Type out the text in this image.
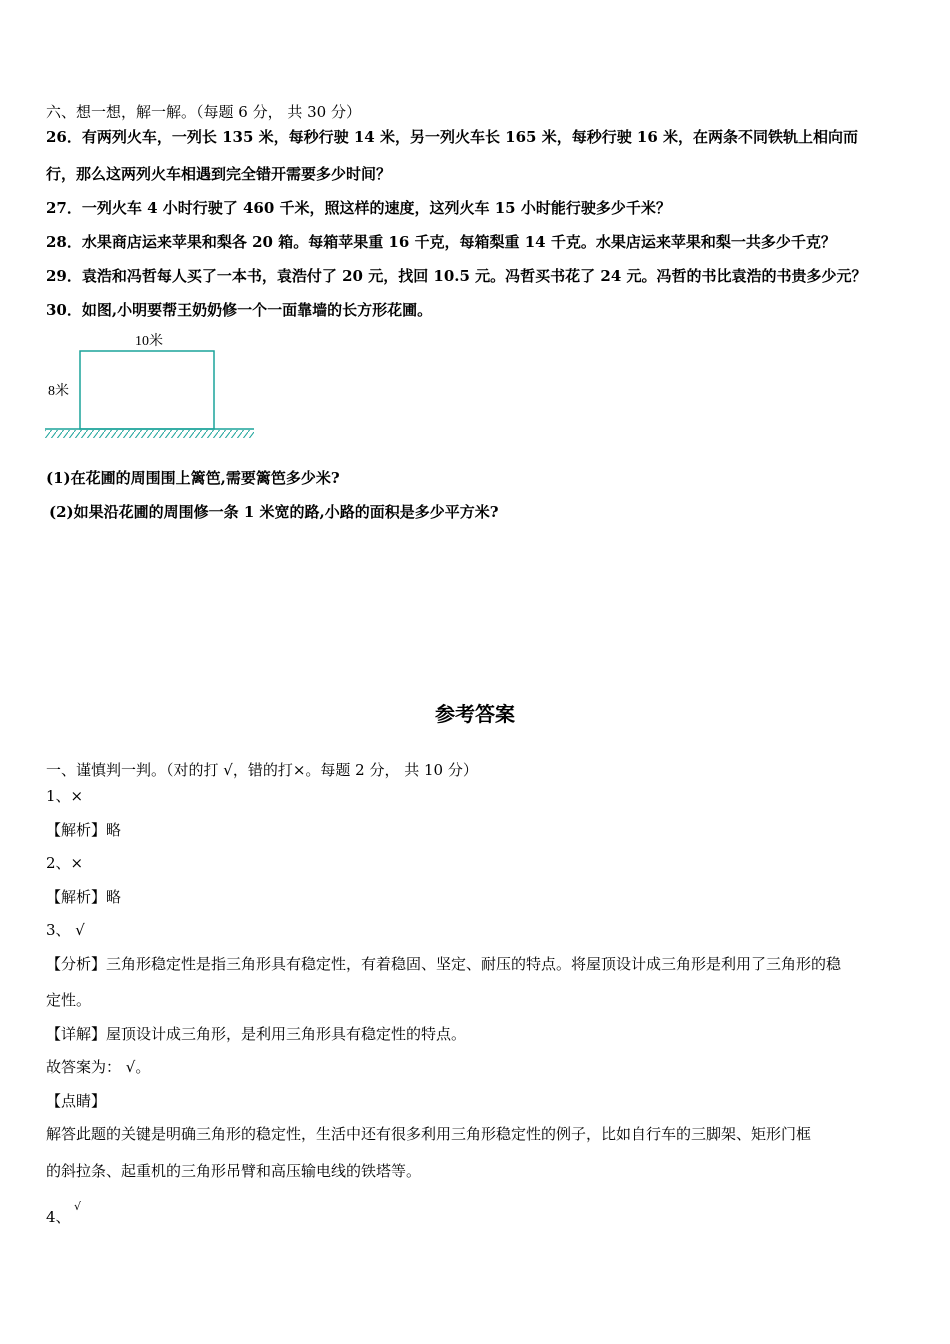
六、想一想，解一解。（每题 6 分， 共 30 分）
26．有两列火车，一列长 135 米，每秒行驶 14 米，另一列火车长 165 米，每秒行驶 16 米，在两条不同铁轨上相向而
行，那么这两列火车相遇到完全错开需要多少时间？
27．一列火车 4 小时行驶了 460 千米，照这样的速度，这列火车 15 小时能行驶多少千米？
28．水果商店运来苹果和梨各 20 箱。每箱苹果重 16 千克，每箱梨重 14 千克。水果店运来苹果和梨一共多少千克？
29．袁浩和冯哲每人买了一本书，袁浩付了 20 元，找回 10.5 元。冯哲买书花了 24 元。冯哲的书比袁浩的书贵多少元？
30．如图,小明要帮王奶奶修一个一面靠墙的长方形花圃。
10米
8米
(1)在花圃的周围围上篱笆,需要篱笆多少米?
(2)如果沿花圃的周围修一条 1 米宽的路,小路的面积是多少平方米?
参考答案
一、谨慎判一判。（对的打 √，错的打×。每题 2 分， 共 10 分）
1、×
【解析】略
2、×
【解析】略
3、 √
【分析】三角形稳定性是指三角形具有稳定性，有着稳固、坚定、耐压的特点。将屋顶设计成三角形是利用了三角形的稳
定性。
【详解】屋顶设计成三角形，是利用三角形具有稳定性的特点。
故答案为： √。
【点睛】
解答此题的关键是明确三角形的稳定性，生活中还有很多利用三角形稳定性的例子，比如自行车的三脚架、矩形门框
的斜拉条、起重机的三角形吊臂和高压输电线的铁塔等。
4、
√
